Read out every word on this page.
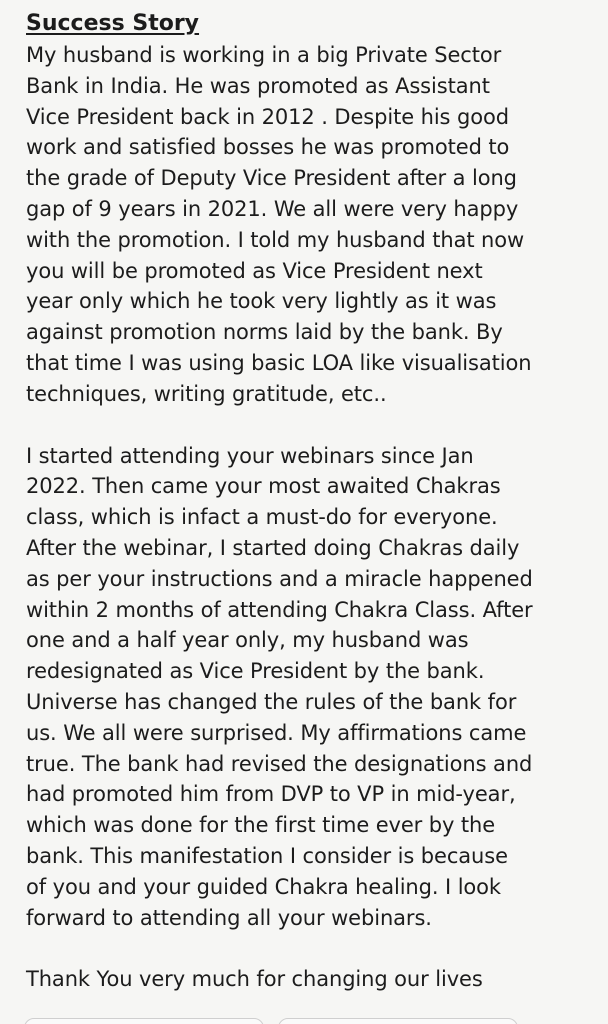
Success Story
My husband is working in a big Private Sector
Bank in India. He was promoted as Assistant
Vice President back in 2012 . Despite his good
work and satisfied bosses he was promoted to
the grade of Deputy Vice President after a long
gap of 9 years in 2021. We all were very happy
with the promotion. I told my husband that now
you will be promoted as Vice President next
year only which he took very lightly as it was
against promotion norms laid by the bank. By
that time I was using basic LOA like visualisation
techniques, writing gratitude, etc..
I started attending your webinars since Jan
2022. Then came your most awaited Chakras
class, which is infact a must-do for everyone.
After the webinar, I started doing Chakras daily
as per your instructions and a miracle happened
within 2 months of attending Chakra Class. After
one and a half year only, my husband was
redesignated as Vice President by the bank.
Universe has changed the rules of the bank for
us. We all were surprised. My affirmations came
true. The bank had revised the designations and
had promoted him from DVP to VP in mid-year,
which was done for the first time ever by the
bank. This manifestation I consider is because
of you and your guided Chakra healing. I look
forward to attending all your webinars.
Thank You very much for changing our lives
